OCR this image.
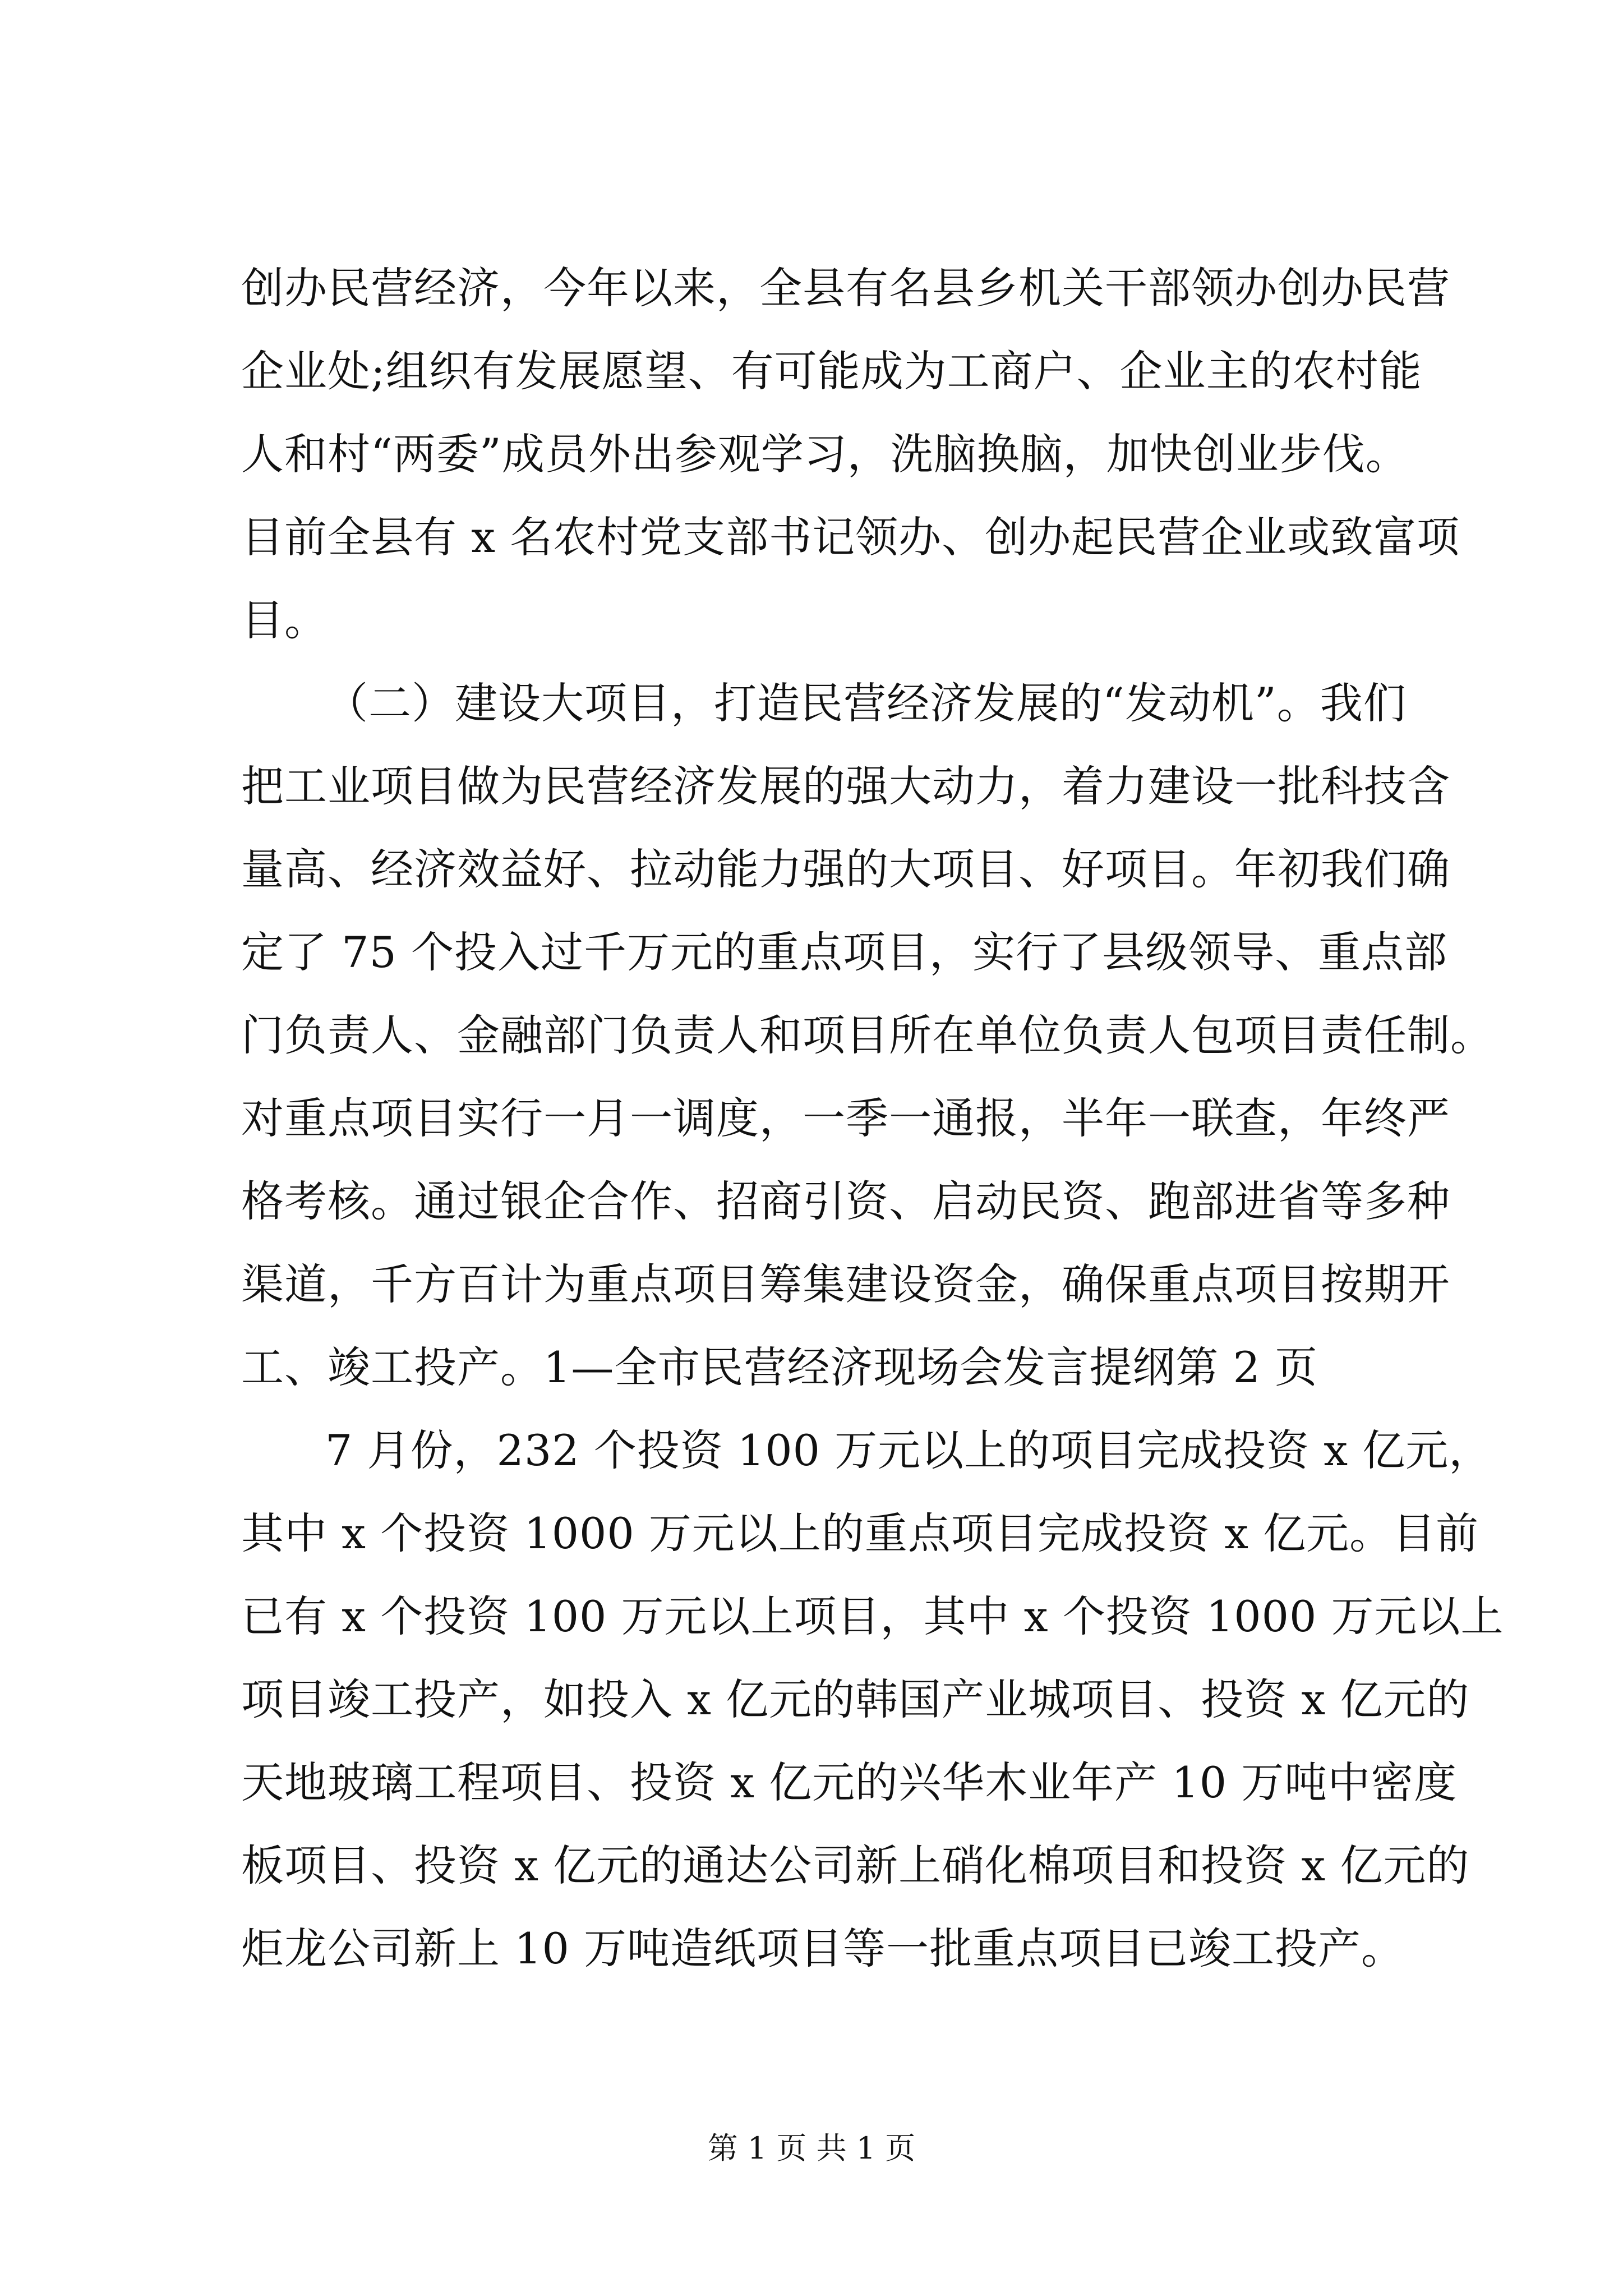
创办民营经济，今年以来，全县有名县乡机关干部领办创办民营
企业处;组织有发展愿望、有可能成为工商户、企业主的农村能
人和村“两委”成员外出参观学习，洗脑换脑，加快创业步伐。
目前全县有 x 名农村党支部书记领办、创办起民营企业或致富项
目。
（二）建设大项目，打造民营经济发展的“发动机”。我们
把工业项目做为民营经济发展的强大动力，着力建设一批科技含
量高、经济效益好、拉动能力强的大项目、好项目。年初我们确
定了 75 个投入过千万元的重点项目，实行了县级领导、重点部
门负责人、金融部门负责人和项目所在单位负责人包项目责任制。
对重点项目实行一月一调度，一季一通报，半年一联查，年终严
格考核。通过银企合作、招商引资、启动民资、跑部进省等多种
渠道，千方百计为重点项目筹集建设资金，确保重点项目按期开
工、竣工投产。1—全市民营经济现场会发言提纲第 2 页
7 月份，232 个投资 100 万元以上的项目完成投资 x 亿元，
其中 x 个投资 1000 万元以上的重点项目完成投资 x 亿元。目前
已有 x 个投资 100 万元以上项目，其中 x 个投资 1000 万元以上
项目竣工投产，如投入 x 亿元的韩国产业城项目、投资 x 亿元的
天地玻璃工程项目、投资 x 亿元的兴华木业年产 10 万吨中密度
板项目、投资 x 亿元的通达公司新上硝化棉项目和投资 x 亿元的
炬龙公司新上 10 万吨造纸项目等一批重点项目已竣工投产。
第 1 页 共 1 页
